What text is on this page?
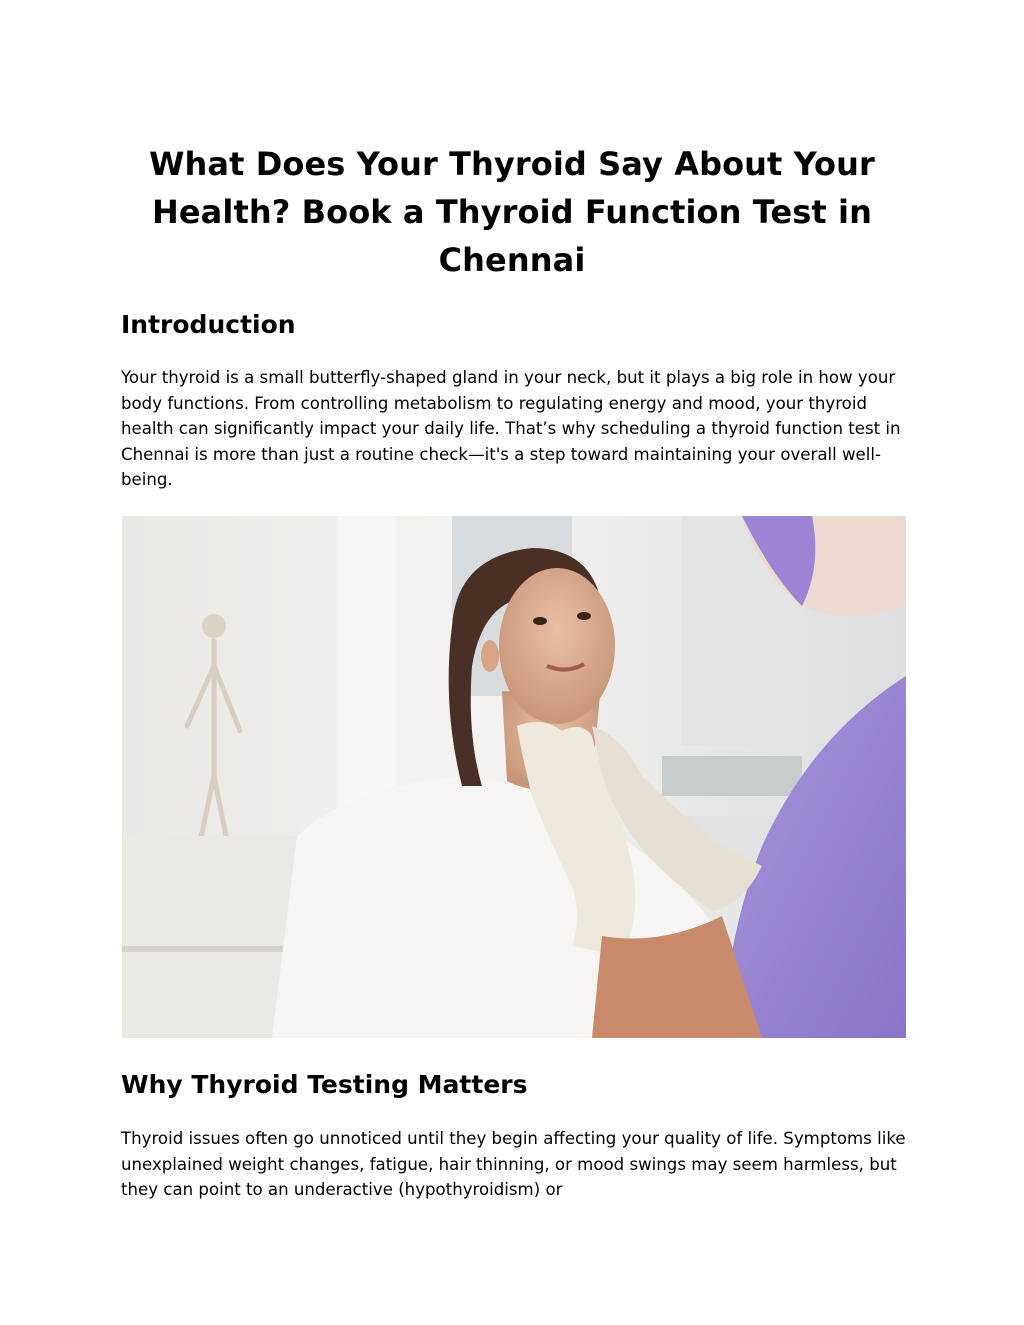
What Does Your Thyroid Say About Your Health? Book a Thyroid Function Test in Chennai
Introduction

Your thyroid is a small butterfly-shaped gland in your neck, but it plays a big role in how your body functions. From controlling metabolism to regulating energy and mood, your thyroid health can significantly impact your daily life. That’s why scheduling a thyroid function test in Chennai is more than just a routine check—it's a step toward maintaining your overall well-being.

Why Thyroid Testing Matters

Thyroid issues often go unnoticed until they begin affecting your quality of life. Symptoms like unexplained weight changes, fatigue, hair thinning, or mood swings may seem harmless, but they can point to an underactive (hypothyroidism) or
